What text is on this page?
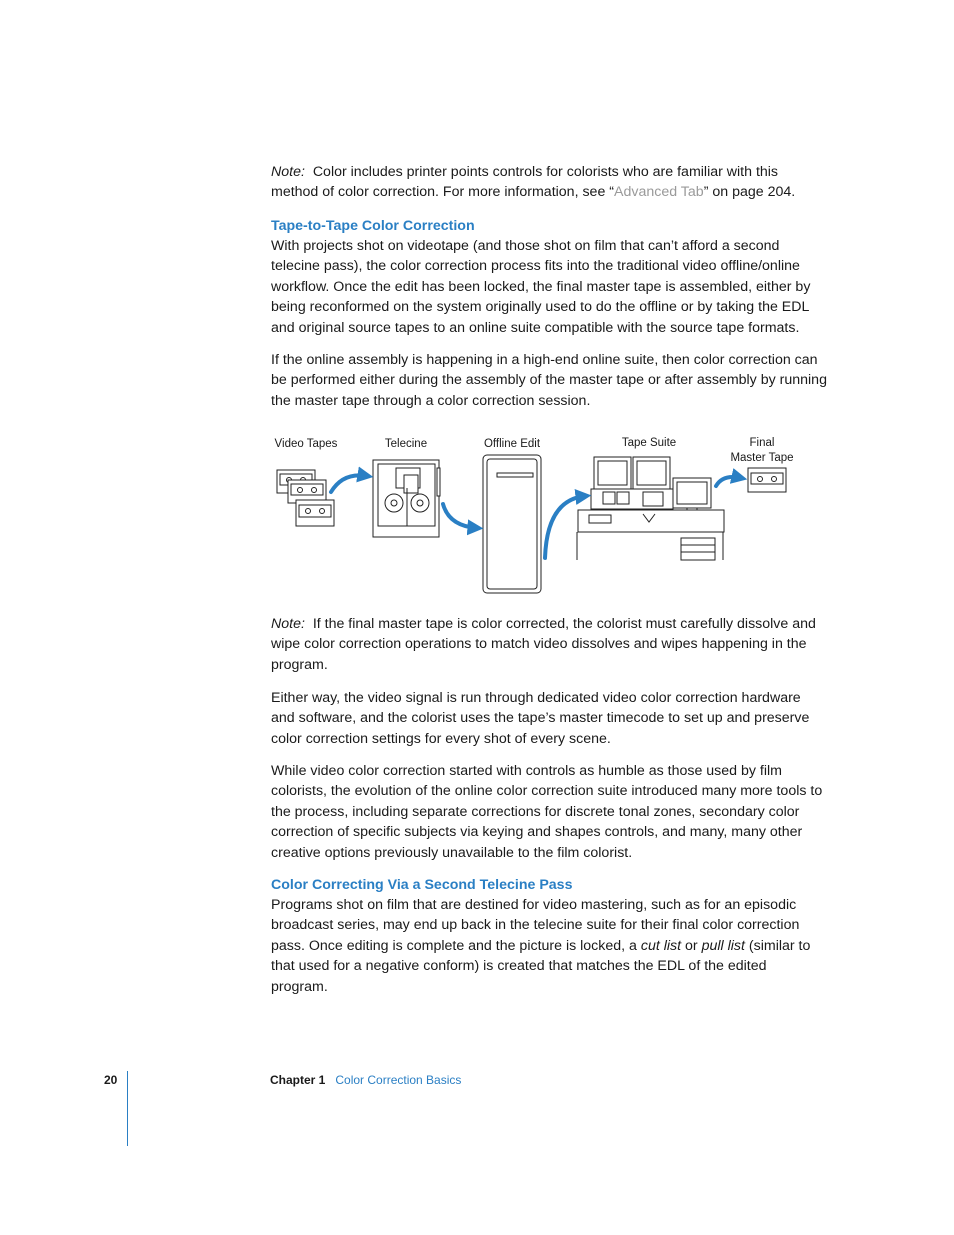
Note: Color includes printer points controls for colorists who are familiar with this method of color correction. For more information, see “Advanced Tab” on page 204.

Tape-to-Tape Color Correction

With projects shot on videotape (and those shot on film that can’t afford a second telecine pass), the color correction process fits into the traditional video offline/online workflow. Once the edit has been locked, the final master tape is assembled, either by being reconformed on the system originally used to do the offline or by taking the EDL and original source tapes to an online suite compatible with the source tape formats.

If the online assembly is happening in a high-end online suite, then color correction can be performed either during the assembly of the master tape or after assembly by running the master tape through a color correction session.

Video Tapes	Telecine	Offline Edit	Tape Suite	Final
Master Tape

Note: If the final master tape is color corrected, the colorist must carefully dissolve and wipe color correction operations to match video dissolves and wipes happening in the program.

Either way, the video signal is run through dedicated video color correction hardware and software, and the colorist uses the tape’s master timecode to set up and preserve color correction settings for every shot of every scene.

While video color correction started with controls as humble as those used by film colorists, the evolution of the online color correction suite introduced many more tools to the process, including separate corrections for discrete tonal zones, secondary color correction of specific subjects via keying and shapes controls, and many, many other creative options previously unavailable to the film colorist.

Color Correcting Via a Second Telecine Pass

Programs shot on film that are destined for video mastering, such as for an episodic broadcast series, may end up back in the telecine suite for their final color correction pass. Once editing is complete and the picture is locked, a cut list or pull list (similar to that used for a negative conform) is created that matches the EDL of the edited program.

20	Chapter 1 Color Correction Basics
